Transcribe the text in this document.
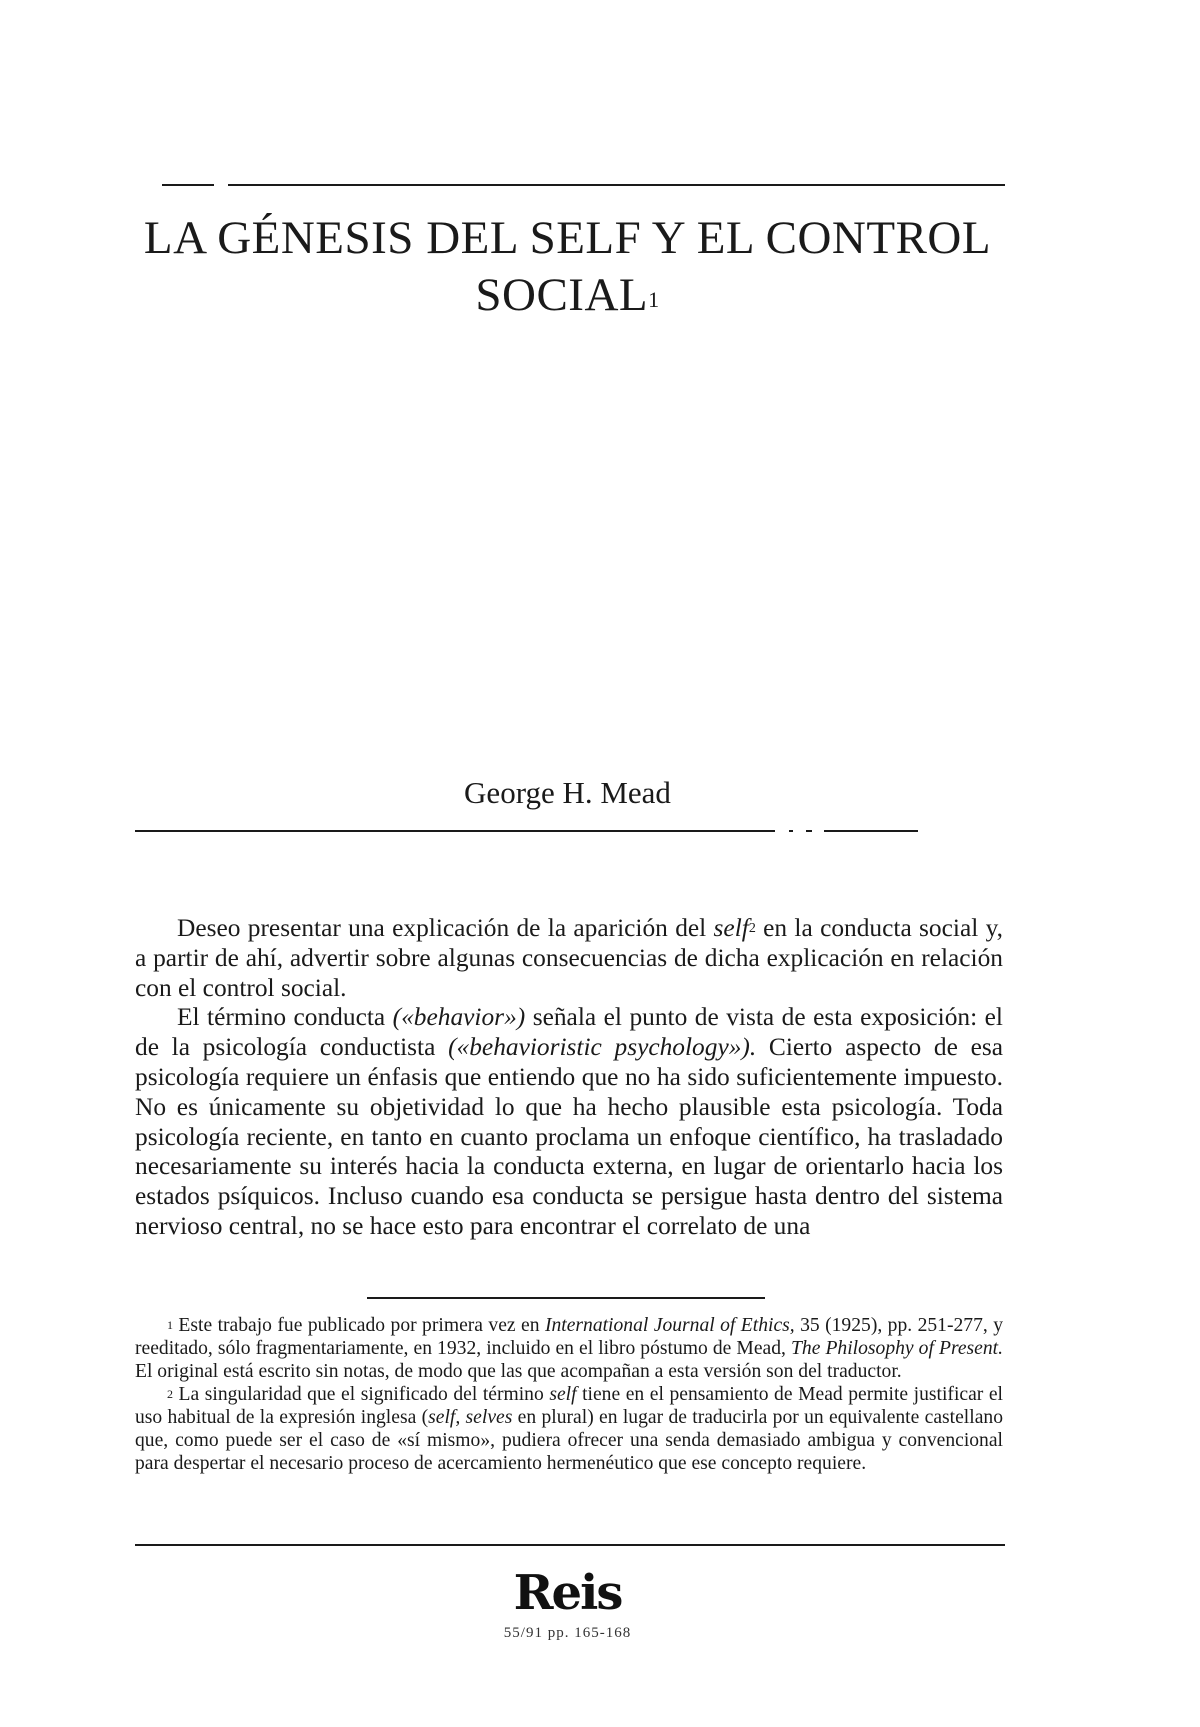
LA GÉNESIS DEL SELF Y EL CONTROL SOCIAL$^1$

George H. Mead

Deseo presentar una explicación de la aparición del self$^2$ en la conducta social y, a partir de ahí, advertir sobre algunas consecuencias de dicha explicación en relación con el control social.

El término conducta («behavior») señala el punto de vista de esta exposición: el de la psicología conductista («behavioristic psychology»). Cierto aspecto de esa psicología requiere un énfasis que entiendo que no ha sido suficientemente impuesto. No es únicamente su objetividad lo que ha hecho plausible esta psicología. Toda psicología reciente, en tanto en cuanto proclama un enfoque científico, ha trasladado necesariamente su interés hacia la conducta externa, en lugar de orientarlo hacia los estados psíquicos. Incluso cuando esa conducta se persigue hasta dentro del sistema nervioso central, no se hace esto para encontrar el correlato de una

$^1$ Este trabajo fue publicado por primera vez en International Journal of Ethics, 35 (1925), pp. 251-277, y reeditado, sólo fragmentariamente, en 1932, incluido en el libro póstumo de Mead, The Philosophy of Present. El original está escrito sin notas, de modo que las que acompañan a esta versión son del traductor.

$^2$ La singularidad que el significado del término self tiene en el pensamiento de Mead permite justificar el uso habitual de la expresión inglesa (self, selves en plural) en lugar de traducirla por un equivalente castellano que, como puede ser el caso de «sí mismo», pudiera ofrecer una senda demasiado ambigua y convencional para despertar el necesario proceso de acercamiento hermenéutico que ese concepto requiere.

Reis

55/91 pp. 165-168
